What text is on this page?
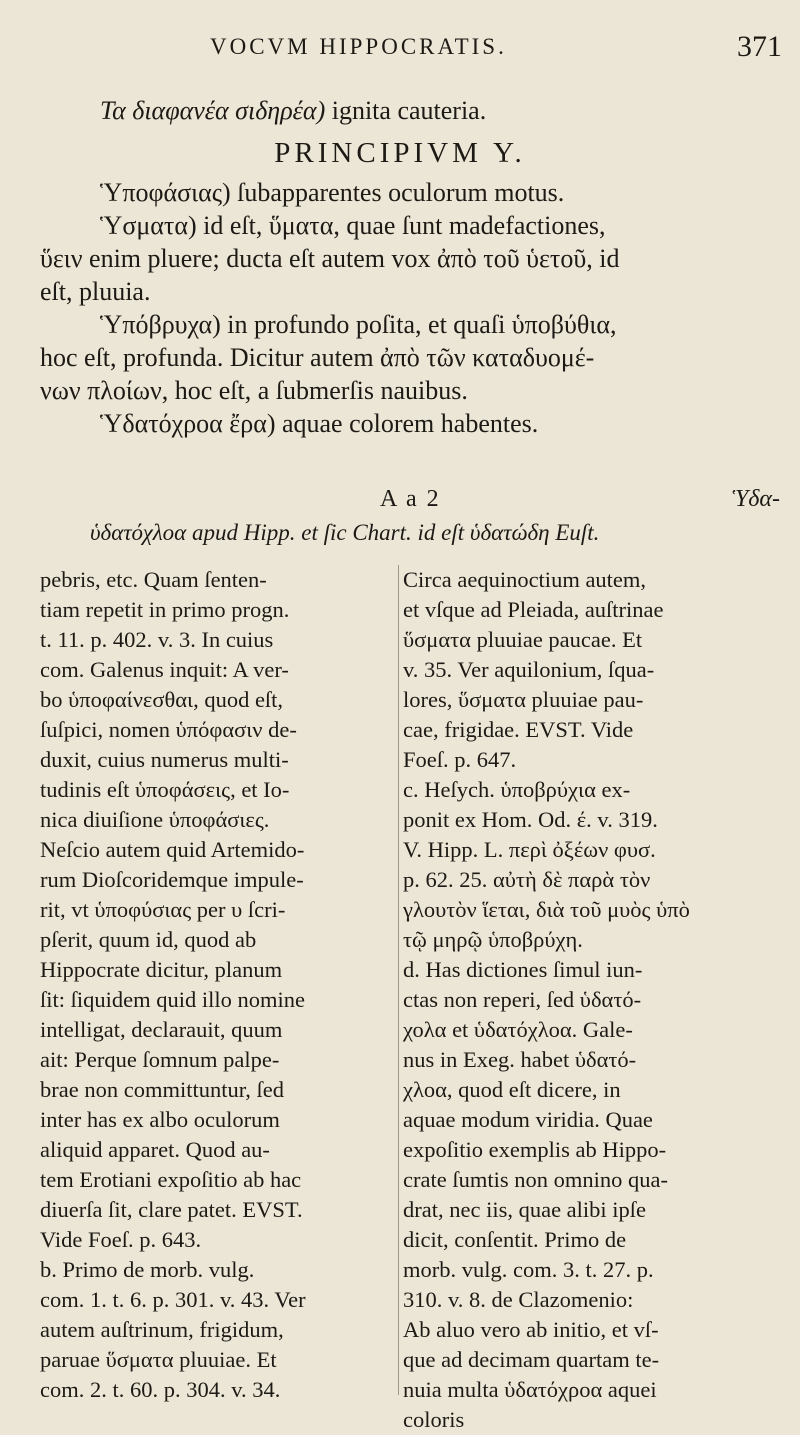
VOCVM HIPPOCRATIS.	371
Τα διαφανέα σιδηρέα) ignita cauteria.
PRINCIPIVM Υ.
Ὑποφάσιας) ſubapparentes oculorum motus.
Ὑσματα) id eſt, ὕματα, quae ſunt madefactiones,
ὕειν enim pluere; ducta eſt autem vox ἀπὸ τοῦ ὑετοῦ, id
eſt, pluuia.
Ὑπόβρυχα) in profundo poſita, et quaſi ὑποβύθια,
hoc eſt, profunda. Dicitur autem ἀπὸ τῶν καταδυομέ-
νων πλοίων, hoc eſt, a ſubmerſis nauibus.
Ὑδατόχροα ἔρα) aquae colorem habentes.
A a 2	Ὑδα-
ὑδατόχλοα apud Hipp. et ſic Chart. id eſt ὑδατώδη Euſt.
pebris, etc. Quam ſenten-
tiam repetit in primo progn.
t. 11. p. 402. v. 3. In cuius
com. Galenus inquit: A ver-
bo ὑποφαίνεσθαι, quod eſt,
ſuſpici, nomen ὑπόφασιν de-
duxit, cuius numerus multi-
tudinis eſt ὑποφάσεις, et Io-
nica diuiſione ὑποφάσιες.
Neſcio autem quid Artemido-
rum Dioſcoridemque impule-
rit, vt ὑποφύσιας per υ ſcri-
pſerit, quum id, quod ab
Hippocrate dicitur, planum
ſit: ſiquidem quid illo nomine
intelligat, declarauit, quum
ait: Perque ſomnum palpe-
brae non committuntur, ſed
inter has ex albo oculorum
aliquid apparet. Quod au-
tem Erotiani expoſitio ab hac
diuerſa ſit, clare patet. EVST.
Vide Foeſ. p. 643.
b. Primo de morb. vulg.
com. 1. t. 6. p. 301. v. 43. Ver
autem auſtrinum, frigidum,
paruae ὕσματα pluuiae. Et
com. 2. t. 60. p. 304. v. 34.
Circa aequinoctium autem,
et vſque ad Pleiada, auſtrinae
ὕσματα pluuiae paucae. Et
v. 35. Ver aquilonium, ſqua-
lores, ὕσματα pluuiae pau-
cae, frigidae. EVST. Vide
Foeſ. p. 647.
c. Heſych. ὑποβρύχια ex-
ponit ex Hom. Od. έ. v. 319.
V. Hipp. L. περὶ ὀξέων φυσ.
p. 62. 25. αὐτὴ δὲ παρὰ τὸν
γλουτὸν ἵεται, διὰ τοῦ μυὸς ὑπὸ
τῷ μηρῷ ὑποβρύχη.
d. Has dictiones ſimul iun-
ctas non reperi, ſed ὑδατό-
χολα et ὑδατόχλοα. Gale-
nus in Exeg. habet ὑδατό-
χλοα, quod eſt dicere, in
aquae modum viridia. Quae
expoſitio exemplis ab Hippo-
crate ſumtis non omnino qua-
drat, nec iis, quae alibi ipſe
dicit, conſentit. Primo de
morb. vulg. com. 3. t. 27. p.
310. v. 8. de Clazomenio:
Ab aluo vero ab initio, et vſ-
que ad decimam quartam te-
nuia multa ὑδατόχροα aquei
coloris
